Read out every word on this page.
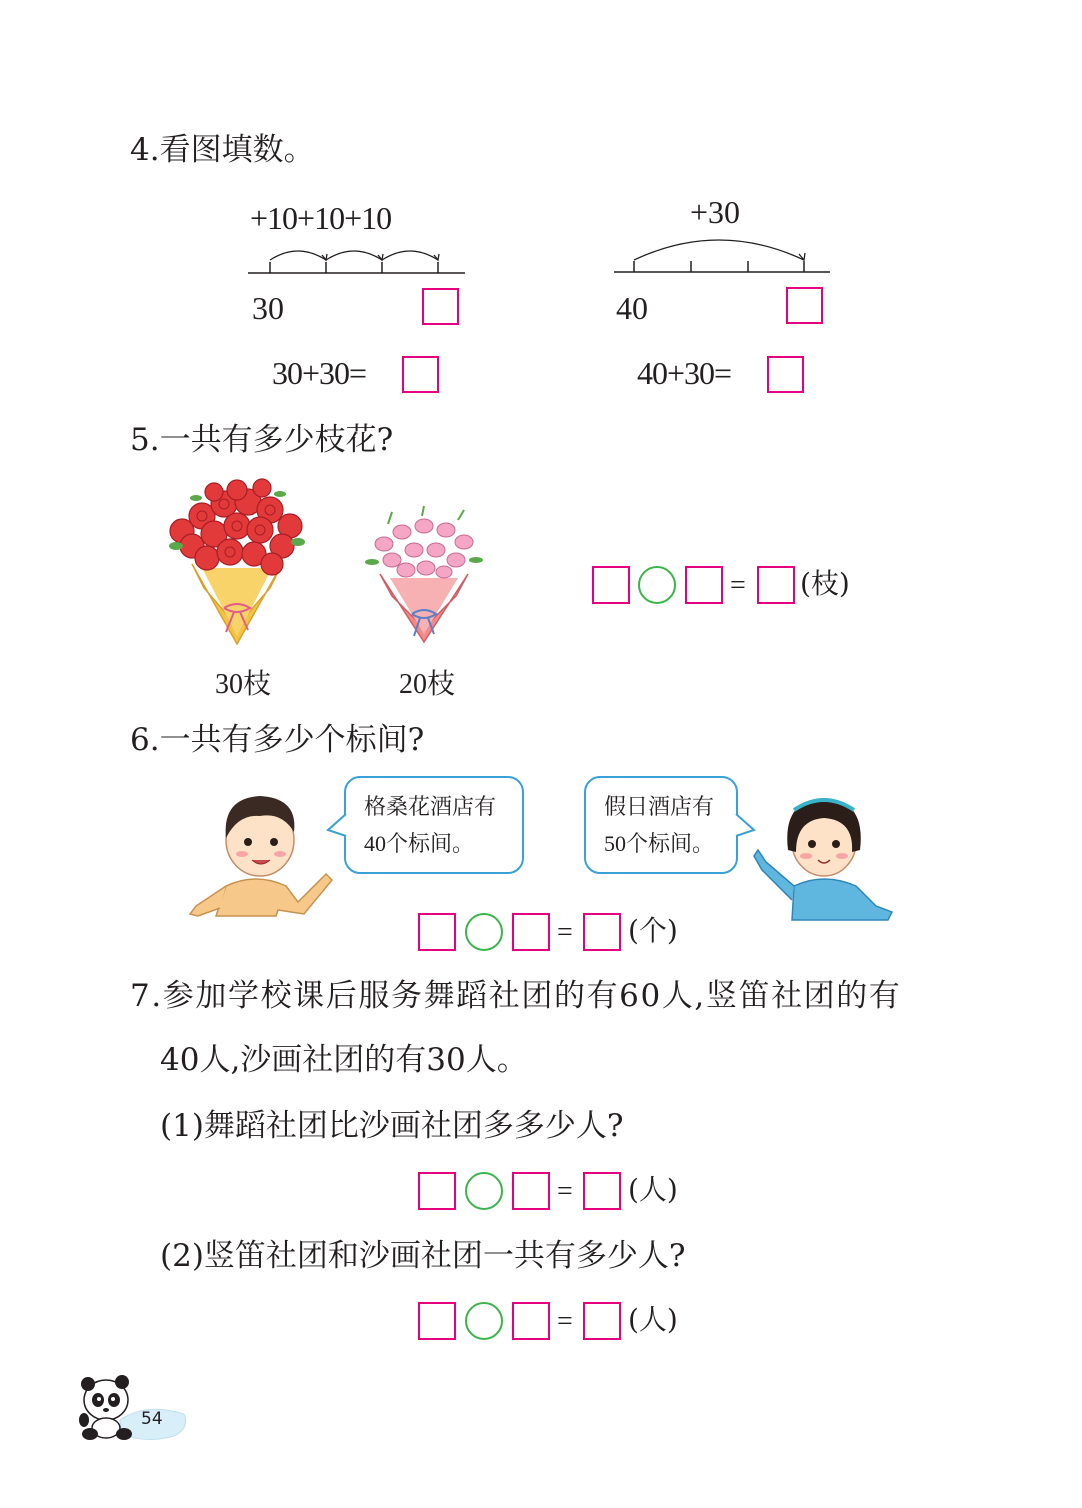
4.看图填数。
+10+10+10
30
30+30=
+30
40
40+30=
5.一共有多少枝花?
30枝	20枝
= (枝)
6.一共有多少个标间?
格桑花酒店有
40个标间。
假日酒店有
50个标间。
= (个)
7.参加学校课后服务舞蹈社团的有60人,竖笛社团的有
40人,沙画社团的有30人。
(1)舞蹈社团比沙画社团多多少人?
= (人)
(2)竖笛社团和沙画社团一共有多少人?
= (人)
54
